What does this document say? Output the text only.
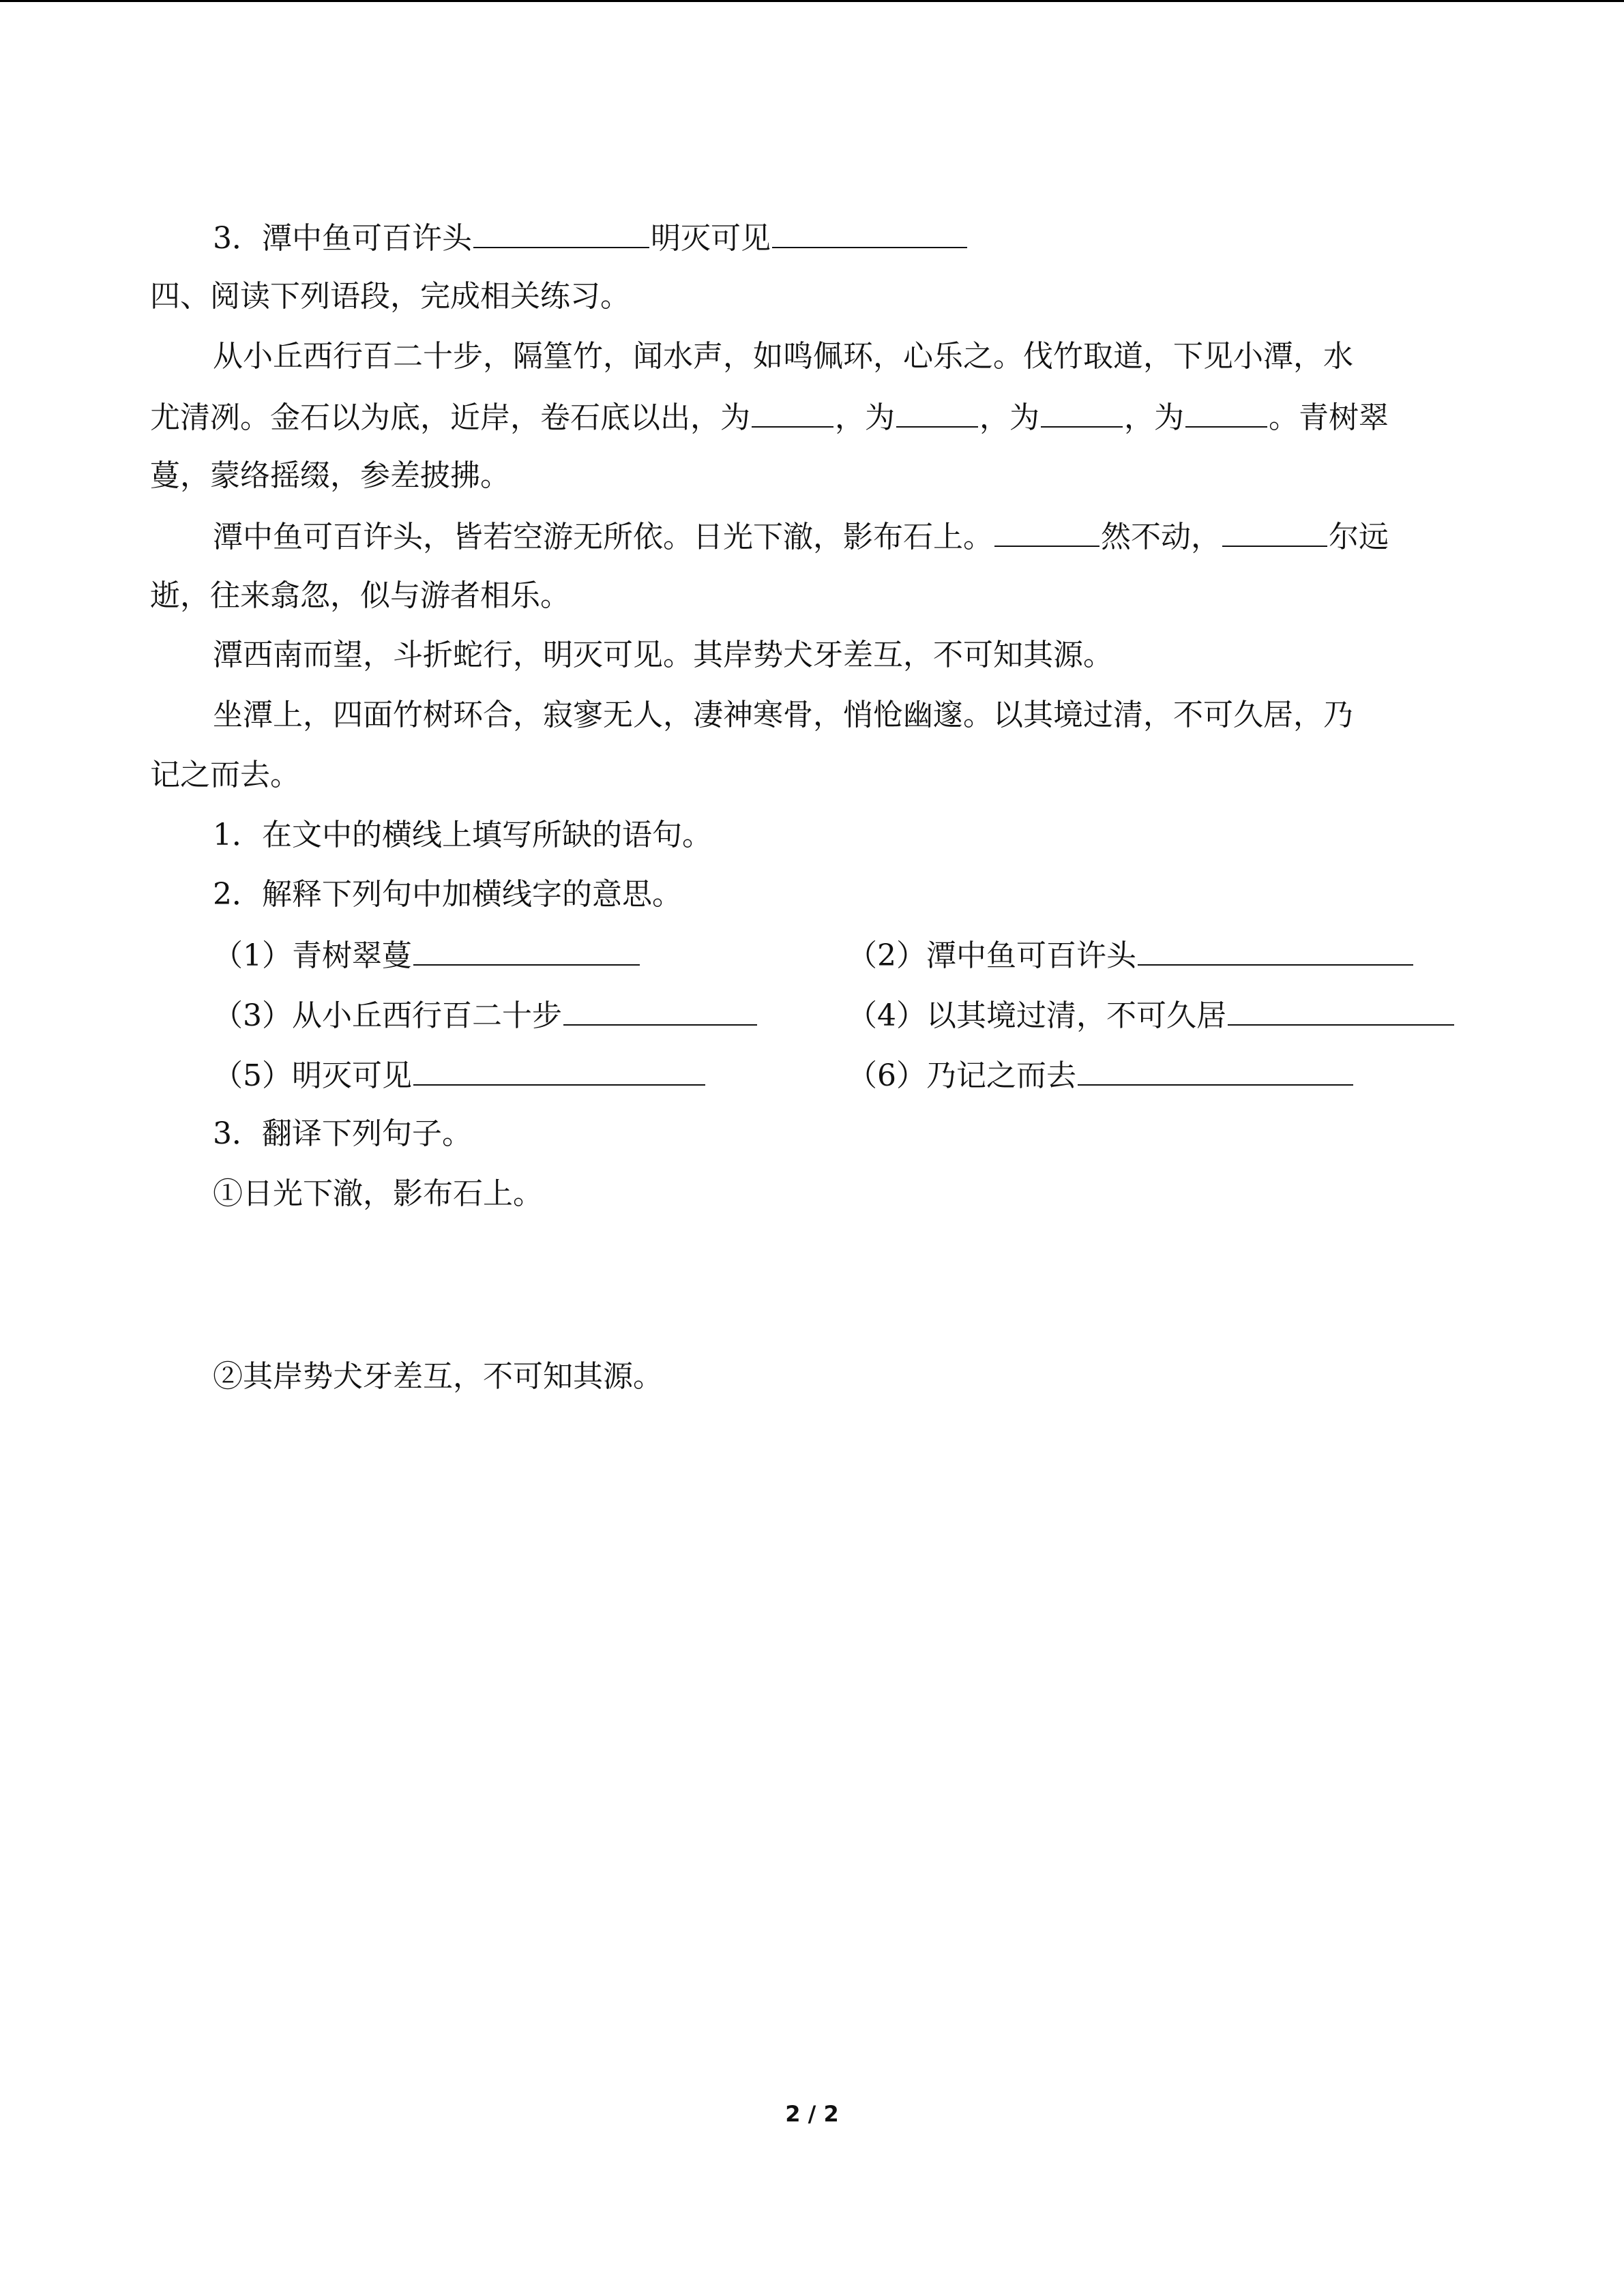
3．潭中鱼可百许头	明灭可见
四、阅读下列语段，完成相关练习。
从小丘西行百二十步，隔篁竹，闻水声，如鸣佩环，心乐之。伐竹取道，下见小潭，水
尤清冽。金石以为底，近岸，卷石底以出，为	，为	，为	，为	。青树翠
蔓，蒙络摇缀，参差披拂。
潭中鱼可百许头，皆若空游无所依。日光下澈，影布石上。	然不动，	尔远
逝，往来翕忽，似与游者相乐。
潭西南而望，斗折蛇行，明灭可见。其岸势犬牙差互，不可知其源。
坐潭上，四面竹树环合，寂寥无人，凄神寒骨，悄怆幽邃。以其境过清，不可久居，乃
记之而去。
1．在文中的横线上填写所缺的语句。
2．解释下列句中加横线字的意思。
（1）青树翠蔓	（2）潭中鱼可百许头
（3）从小丘西行百二十步	（4）以其境过清，不可久居
（5）明灭可见	（6）乃记之而去
3．翻译下列句子。
①日光下澈，影布石上。
②其岸势犬牙差互，不可知其源。
2 / 2
